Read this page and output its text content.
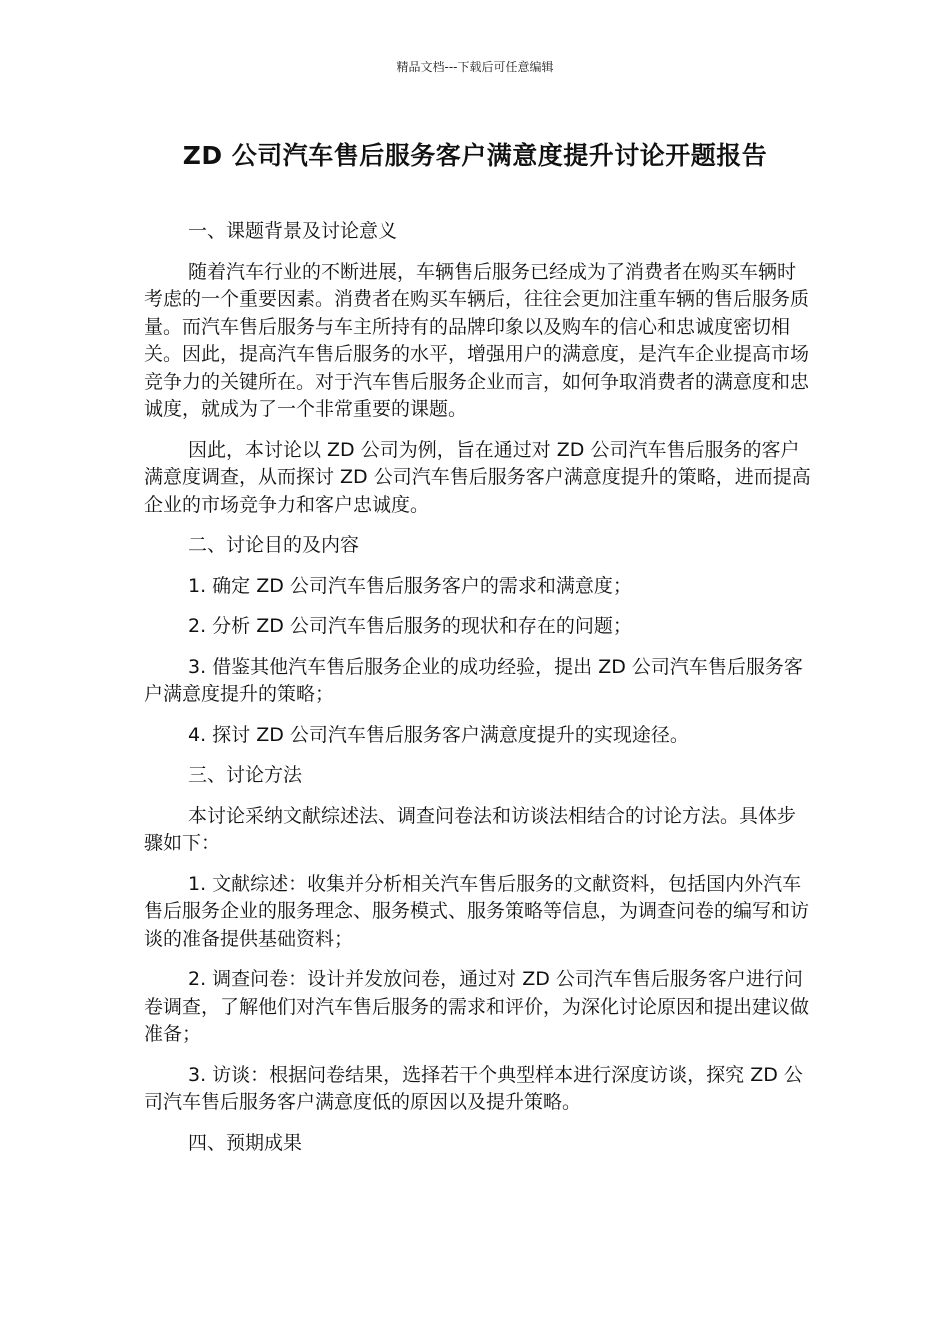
精品文档---下载后可任意编辑
ZD 公司汽车售后服务客户满意度提升讨论开题报告

一、课题背景及讨论意义

随着汽车行业的不断进展，车辆售后服务已经成为了消费者在购买车辆时考虑的一个重要因素。消费者在购买车辆后，往往会更加注重车辆的售后服务质量。而汽车售后服务与车主所持有的品牌印象以及购车的信心和忠诚度密切相关。因此，提高汽车售后服务的水平，增强用户的满意度，是汽车企业提高市场竞争力的关键所在。对于汽车售后服务企业而言，如何争取消费者的满意度和忠诚度，就成为了一个非常重要的课题。

因此，本讨论以 ZD 公司为例，旨在通过对 ZD 公司汽车售后服务的客户满意度调查，从而探讨 ZD 公司汽车售后服务客户满意度提升的策略，进而提高企业的市场竞争力和客户忠诚度。

二、讨论目的及内容

1. 确定 ZD 公司汽车售后服务客户的需求和满意度；

2. 分析 ZD 公司汽车售后服务的现状和存在的问题；

3. 借鉴其他汽车售后服务企业的成功经验，提出 ZD 公司汽车售后服务客户满意度提升的策略；

4. 探讨 ZD 公司汽车售后服务客户满意度提升的实现途径。

三、讨论方法

本讨论采纳文献综述法、调查问卷法和访谈法相结合的讨论方法。具体步骤如下：

1. 文献综述：收集并分析相关汽车售后服务的文献资料，包括国内外汽车售后服务企业的服务理念、服务模式、服务策略等信息，为调查问卷的编写和访谈的准备提供基础资料；

2. 调查问卷：设计并发放问卷，通过对 ZD 公司汽车售后服务客户进行问卷调查，了解他们对汽车售后服务的需求和评价，为深化讨论原因和提出建议做准备；

3. 访谈：根据问卷结果，选择若干个典型样本进行深度访谈，探究 ZD 公司汽车售后服务客户满意度低的原因以及提升策略。

四、预期成果
